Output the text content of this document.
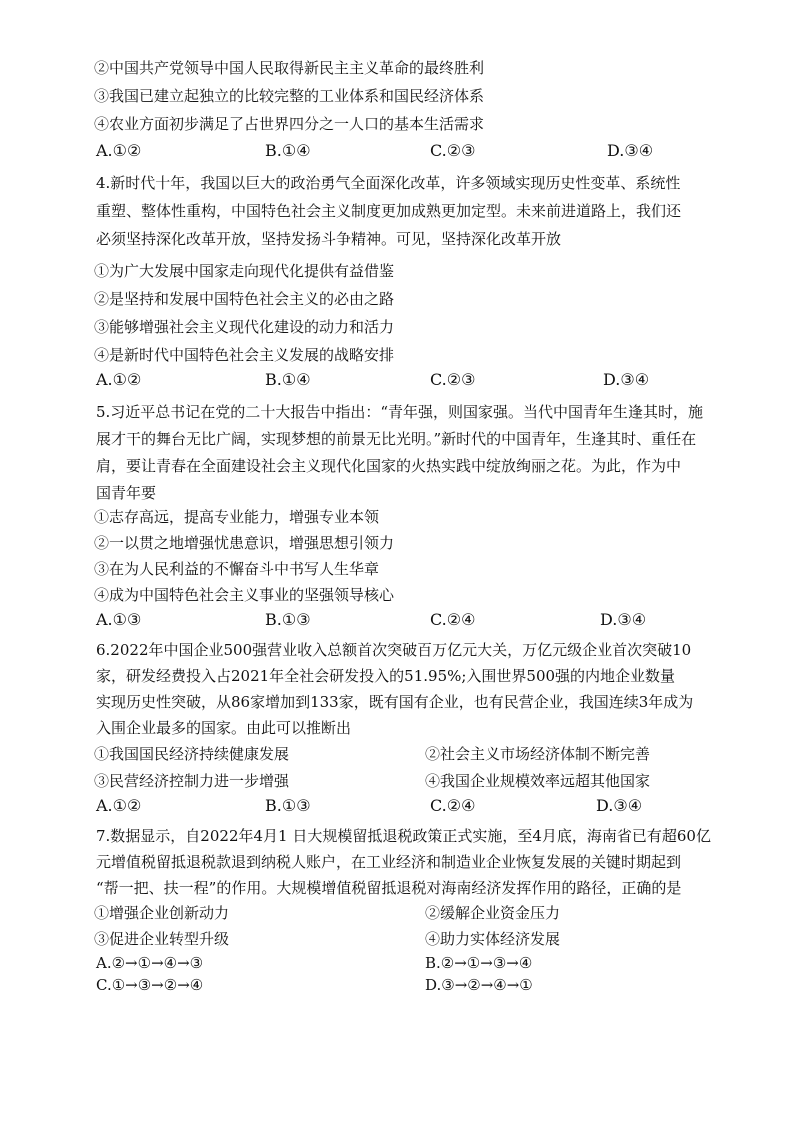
②中国共产党领导中国人民取得新民主主义革命的最终胜利
③我国已建立起独立的比较完整的工业体系和国民经济体系
④农业方面初步满足了占世界四分之一人口的基本生活需求
A.①②	B.①④	C.②③	D.③④
4.新时代十年，我国以巨大的政治勇气全面深化改革，许多领域实现历史性变革、系统性
重塑、整体性重构，中国特色社会主义制度更加成熟更加定型。未来前进道路上，我们还
必须坚持深化改革开放，坚持发扬斗争精神。可见，坚持深化改革开放
①为广大发展中国家走向现代化提供有益借鉴
②是坚持和发展中国特色社会主义的必由之路
③能够增强社会主义现代化建设的动力和活力
④是新时代中国特色社会主义发展的战略安排
A.①②	B.①④	C.②③	D.③④
5.习近平总书记在党的二十大报告中指出：“青年强，则国家强。当代中国青年生逢其时，施
展才干的舞台无比广阔，实现梦想的前景无比光明。”新时代的中国青年，生逢其时、重任在
肩，要让青春在全面建设社会主义现代化国家的火热实践中绽放绚丽之花。为此，作为中
国青年要
①志存高远，提高专业能力，增强专业本领
②一以贯之地增强忧患意识，增强思想引领力
③在为人民利益的不懈奋斗中书写人生华章
④成为中国特色社会主义事业的坚强领导核心
A.①③	B.①③	C.②④	D.③④
6.2022年中国企业500强营业收入总额首次突破百万亿元大关，万亿元级企业首次突破10
家，研发经费投入占2021年全社会研发投入的51.95%;入围世界500强的内地企业数量
实现历史性突破，从86家增加到133家，既有国有企业，也有民营企业，我国连续3年成为
入围企业最多的国家。由此可以推断出
①我国国民经济持续健康发展	②社会主义市场经济体制不断完善
③民营经济控制力进一步增强	④我国企业规模效率远超其他国家
A.①②	B.①③	C.②④	D.③④
7.数据显示，自2022年4月1 日大规模留抵退税政策正式实施，至4月底，海南省已有超60亿
元增值税留抵退税款退到纳税人账户，在工业经济和制造业企业恢复发展的关键时期起到
“帮一把、扶一程”的作用。大规模增值税留抵退税对海南经济发挥作用的路径，正确的是
①增强企业创新动力	②缓解企业资金压力
③促进企业转型升级	④助力实体经济发展
A.②→①→④→③	B.②→①→③→④
C.①→③→②→④	D.③→②→④→①
